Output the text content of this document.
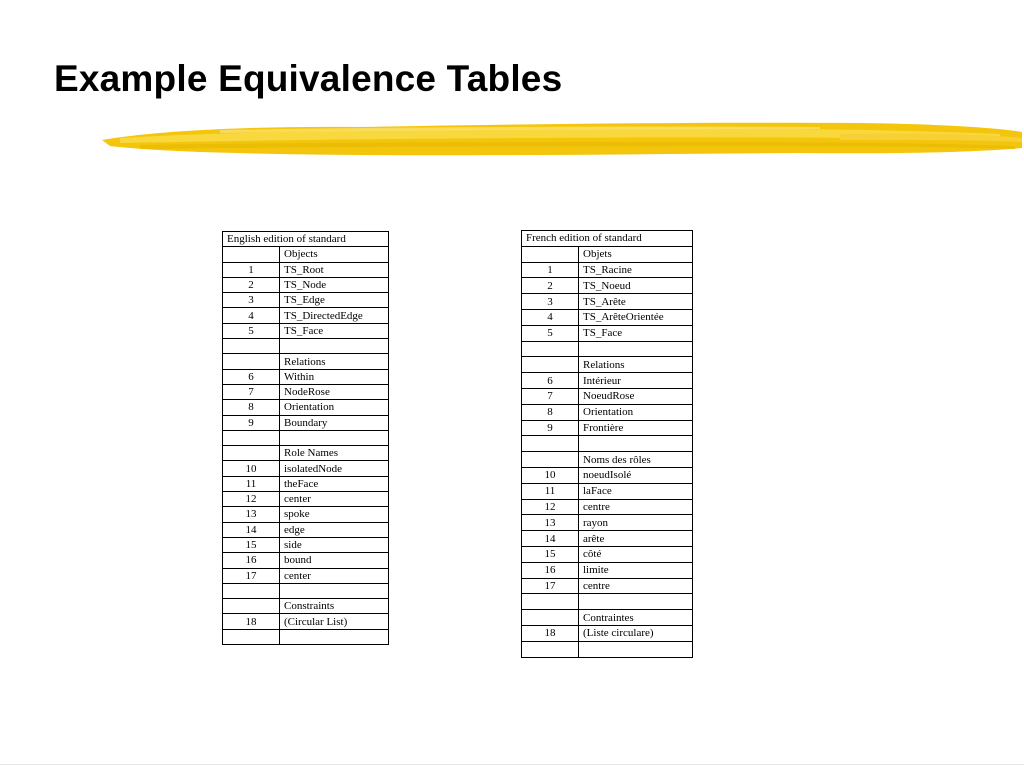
Example Equivalence Tables
English edition of standard	
	Objects
1	TS_Root
2	TS_Node
3	TS_Edge
4	TS_DirectedEdge
5	TS_Face

	Relations
6	Within
7	NodeRose
8	Orientation
9	Boundary

	Role Names
10	isolatedNode
11	theFace
12	center
13	spoke
14	edge
15	side
16	bound
17	center

	Constraints
18	(Circular List)

French edition of standard	
	Objets
1	TS_Racine
2	TS_Noeud
3	TS_Arête
4	TS_ArêteOrientée
5	TS_Face

	Relations
6	Intérieur
7	NoeudRose
8	Orientation
9	Frontière

	Noms des rôles
10	noeudIsolé
11	laFace
12	centre
13	rayon
14	arête
15	côté
16	limite
17	centre

	Contraintes
18	(Liste circulare)
